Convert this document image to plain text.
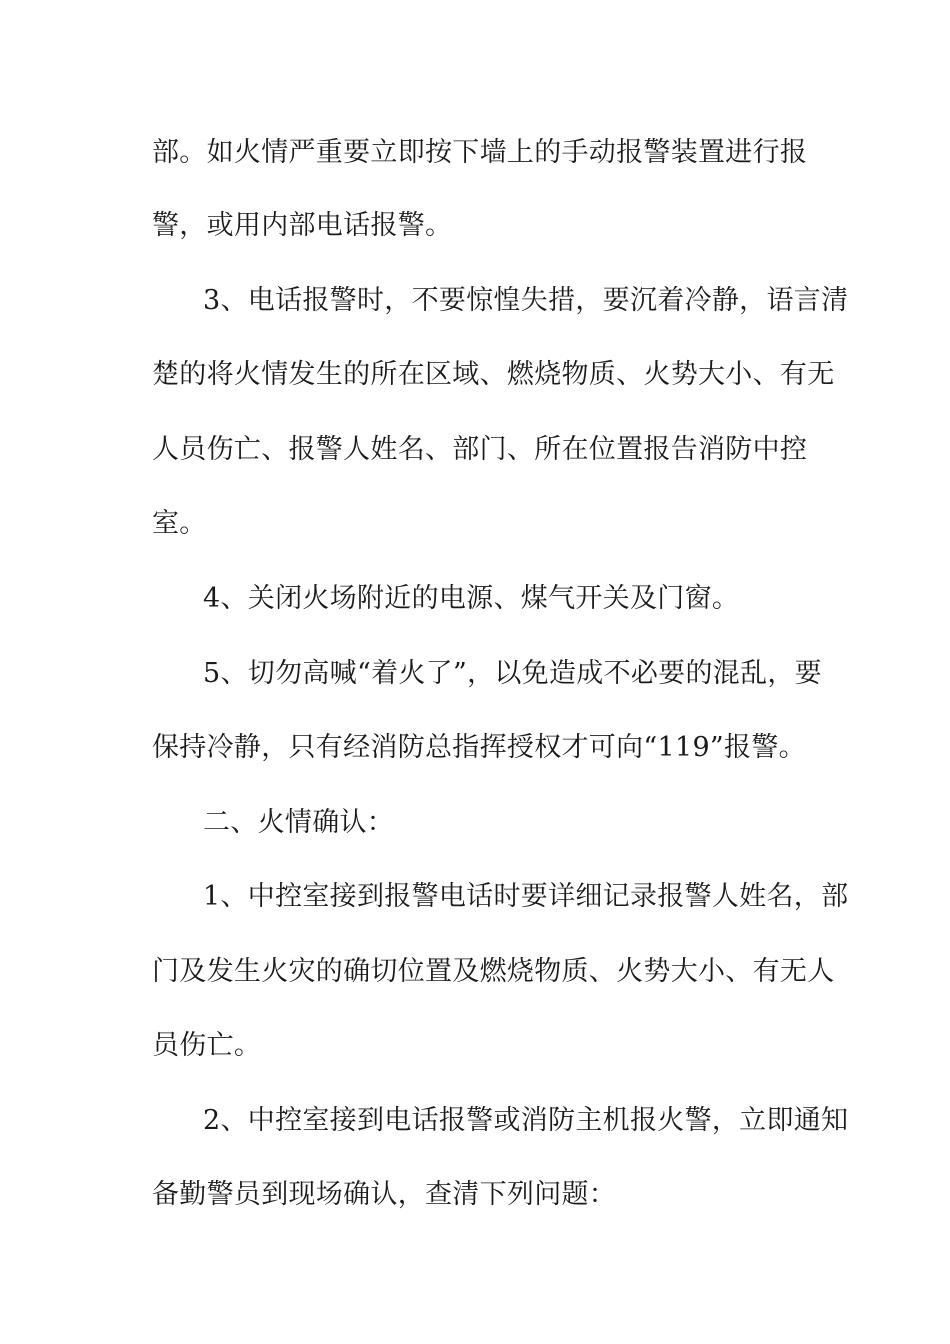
部。如火情严重要立即按下墙上的手动报警装置进行报
警，或用内部电话报警。
3、电话报警时，不要惊惶失措，要沉着冷静，语言清
楚的将火情发生的所在区域、燃烧物质、火势大小、有无
人员伤亡、报警人姓名、部门、所在位置报告消防中控
室。
4、关闭火场附近的电源、煤气开关及门窗。
5、切勿高喊“着火了”，以免造成不必要的混乱，要
保持冷静，只有经消防总指挥授权才可向“119”报警。
二、火情确认：
1、中控室接到报警电话时要详细记录报警人姓名，部
门及发生火灾的确切位置及燃烧物质、火势大小、有无人
员伤亡。
2、中控室接到电话报警或消防主机报火警，立即通知
备勤警员到现场确认，查清下列问题：
